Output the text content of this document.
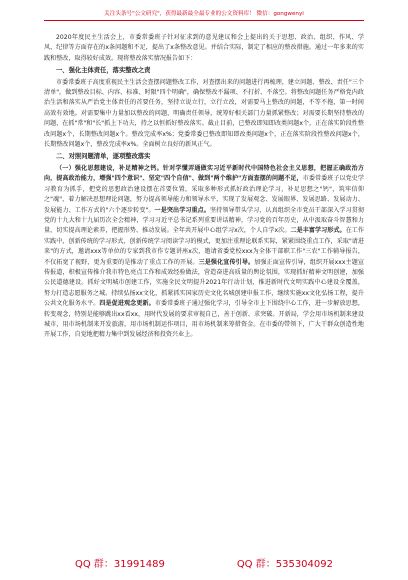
关注头条号"公文研究"，获得最新最全最专业的公文资料库！ 微信：gongwenyi

2020年度民主生活会上，市委常委班子针对征求到的意见建议和会上提出的关于思想、政治、组织、作风、学风、纪律等方面存在的x条问题和不足，提出了x条整改意见。并结合实际，制定了相应的整改措施。通过一年多来的实践和整改，取得较好成效。现将整改落实情况报告如下：

一、强化主体责任，落实整改之责

市委常委班子高度重视民主生活会查摆问题整改工作，对查摆出来的问题进行再梳理，建立问题、整改、责任"三个清单"，做到整改目标、内容、标准、时限"四个明确"，确保整改不漏项、不打折、不落空。将整改问题任务严格党内政治生活和落实从严治党主体责任的首要任务，坚持立说立行，立行立改，对需要马上整改的问题，不等不拖，第一时间高效有效地。对需要集中力量加以整改的问题，明确责任领导，统筹好相关部门力量抓紧整改；对需要长期坚持整改的问题，在抓"常"和"长"抓上下功夫，持之以恒抓好整改落实。截止目前，已整改即知即改类问题x个，正在落实阶段性整改问题x个，长期整改问题x个。整改完成率x%；党委常委已整改即知即改类问题x个，正在落实阶段性整改问题x个，长期整改问题x个，整改完成率x%。全面树立良好的新风正气。

二、对照问题清单，逐项整改落实

（一）强化思想建设，补足精神之钙。针对学懂弄通做实习近平新时代中国特色社会主义思想，把握正确政治方向，提高政治能力，增强"四个意识"、坚定"四个自信"、做到"两个维护"方面查摆的问题不足，市委常委班子以党史学习教育为抓手，把党的思想政治建设摆在首要位置，采取多种形式抓好政治理论学习，补足思想之"钙"，筑牢信仰之"魂"，着力解决思想理论问题，努力提高领导能力和领导水平，实现了发展观念、发展眼界、发展思路、发展动力、发展能力、工作方式的"六个逐步转变"。一是突出学习重点。坚持领导带头学习，认真组织全市党员干部深入学习贯彻党的十九大和十九届历次全会精神，学习习近平总书记系列重要讲话精神，学习党的百年历史，从中汲取奋斗智慧和力量，切实提高理论素养，把握形势、推动发展。全年共开展中心组学习x次，个人自学x次。二是丰富学习形式。在工作实践中，创新传统的学习形式，创新传统学习阅读学习的模式，更加注重理论联系实际，紧紧围绕重点工作，采取"请进来"的方式，邀请xxx等单位的专家到我市作专题讲座x次，邀请省委党校xxx为全体干部职工作"三农"工作辅导报告，不仅拓宽了视野，更为重要的是推动了重点工作的开展。三是强化宣传引导。加强正面宣传引导，组织开展xxx主题宣传报道，积极宣传推介我市特色亮点工作和成效经验做法，营造奋进高质量的舆论氛围，实现抓好精神文明创建，加强公民道德建设。抓好文明城市创建工作，实施全民文明提升2021年行动计划，推进新时代文明实践中心建设全覆盖，努力打造志愿服务之城。持续弘扬xx文化，抓紧抓实国家历史文化名城创建申报工作，继续实施xx文化弘扬工程，提升公共文化服务水平。四是促进观念更新。市委常委班子通过强化学习，引导全市上下围绕中心工作，进一步解放思想，转变观念，特别是能够跳出xx看xx，用时代发展的要求审视自己，善于创新、求突破。开新局，学会用市场机制来建设城市，用市场机制来开发旅游，用市场机制运作项目，用市场机制来筹措资金。在市委的带领下，广大干群众创造性地开展工作，自觉地把精力集中到发展经济和投资兴业上。

QQ 群：31991489	QQ 群：535304092
